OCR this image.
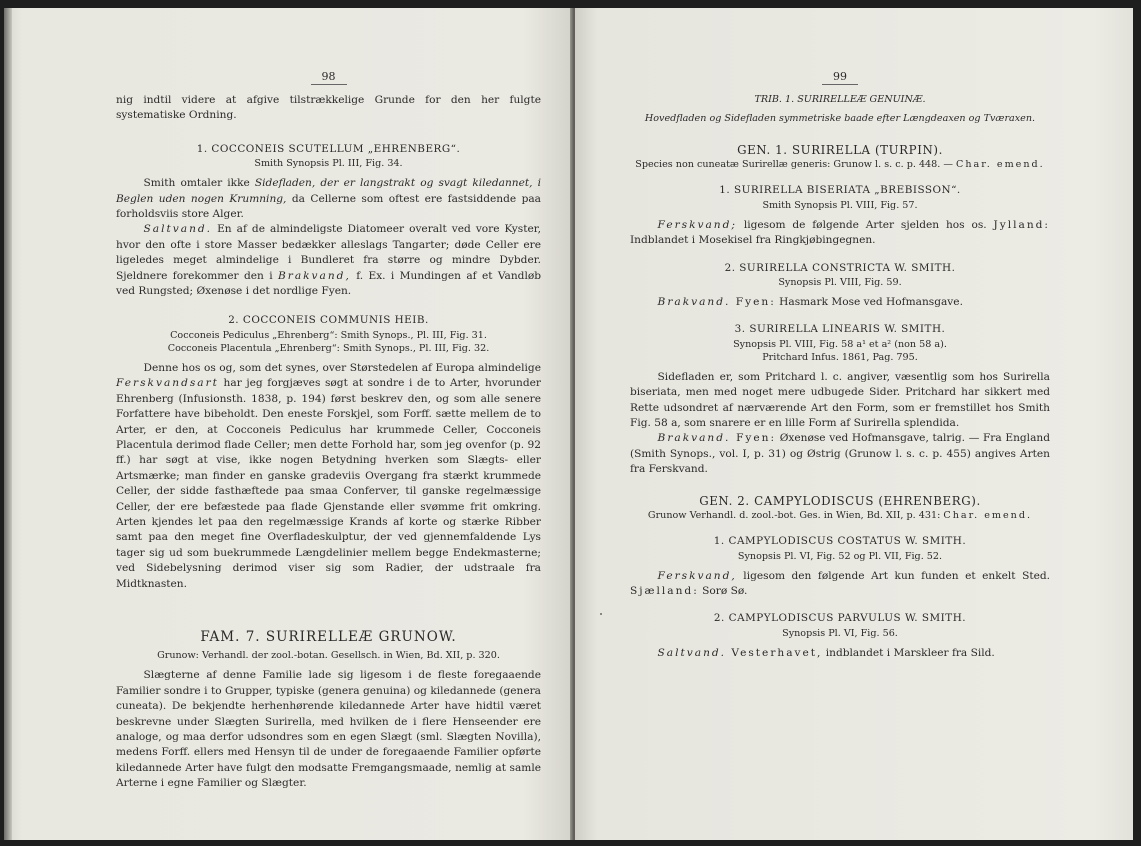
98

nig indtil videre at afgive tilstrækkelige Grunde for den her fulgte systematiske Ordning.

1. COCCONEIS SCUTELLUM „EHRENBERG“.
Smith Synopsis Pl. III, Fig. 34.

Smith omtaler ikke Sidefladen, der er langstrakt og svagt kiledannet, i Beglen uden nogen Krumning, da Cellerne som oftest ere fastsiddende paa forholdsviis store Alger.

Saltvand. En af de almindeligste Diatomeer overalt ved vore Kyster, hvor den ofte i store Masser bedækker alleslags Tangarter; døde Celler ere ligeledes meget almindelige i Bundleret fra større og mindre Dybder. Sjeldnere forekommer den i Brakvand, f. Ex. i Mundingen af et Vandløb ved Rungsted; Øxenøse i det nordlige Fyen.

2. COCCONEIS COMMUNIS HEIB.
Cocconeis Pediculus „Ehrenberg“: Smith Synops., Pl. III, Fig. 31.
Cocconeis Placentula „Ehrenberg“: Smith Synops., Pl. III, Fig. 32.

Denne hos os og, som det synes, over Størstedelen af Europa almindelige Ferskvandsart har jeg forgjæves søgt at sondre i de to Arter, hvorunder Ehrenberg (Infusionsth. 1838, p. 194) først beskrev den, og som alle senere Forfattere have bibeholdt. Den eneste Forskjel, som Forff. sætte mellem de to Arter, er den, at Cocconeis Pediculus har krummede Celler, Cocconeis Placentula derimod flade Celler; men dette Forhold har, som jeg ovenfor (p. 92 ff.) har søgt at vise, ikke nogen Betydning hverken som Slægts- eller Artsmærke; man finder en ganske gradeviis Overgang fra stærkt krummede Celler, der sidde fasthæftede paa smaa Conferver, til ganske regelmæssige Celler, der ere befæstede paa flade Gjenstande eller svømme frit omkring. Arten kjendes let paa den regelmæssige Krands af korte og stærke Ribber samt paa den meget fine Overfladeskulptur, der ved gjennemfaldende Lys tager sig ud som buekrummede Længdelinier mellem begge Endekmasterne; ved Sidebelysning derimod viser sig som Radier, der udstraale fra Midtknasten.

FAM. 7. SURIRELLEÆ GRUNOW.
Grunow: Verhandl. der zool.-botan. Gesellsch. in Wien, Bd. XII, p. 320.

Slægterne af denne Familie lade sig ligesom i de fleste foregaaende Familier sondre i to Grupper, typiske (genera genuina) og kiledannede (genera cuneata). De bekjendte herhenhørende kiledannede Arter have hidtil været beskrevne under Slægten Surirella, med hvilken de i flere Henseender ere analoge, og maa derfor udsondres som en egen Slægt (sml. Slægten Novilla), medens Forff. ellers med Hensyn til de under de foregaaende Familier opførte kiledannede Arter have fulgt den modsatte Fremgangsmaade, nemlig at samle Arterne i egne Familier og Slægter.

99
TRIB. 1. SURIRELLEÆ GENUINÆ.
Hovedfladen og Sidefladen symmetriske baade efter Længdeaxen og Tværaxen.
GEN. 1. SURIRELLA (TURPIN).
Species non cuneatæ Surirellæ generis: Grunow l. s. c. p. 448. — Char. emend.
1. SURIRELLA BISERIATA „BREBISSON“.
Smith Synopsis Pl. VIII, Fig. 57.

Ferskvand; ligesom de følgende Arter sjelden hos os. Jylland: Indblandet i Mosekisel fra Ringkjøbingegnen.

2. SURIRELLA CONSTRICTA W. SMITH.
Synopsis Pl. VIII, Fig. 59.

Brakvand. Fyen: Hasmark Mose ved Hofmansgave.

3. SURIRELLA LINEARIS W. SMITH.
Synopsis Pl. VIII, Fig. 58 a¹ et a² (non 58 a).
Pritchard Infus. 1861, Pag. 795.

Sidefladen er, som Pritchard l. c. angiver, væsentlig som hos Surirella biseriata, men med noget mere udbugede Sider. Pritchard har sikkert med Rette udsondret af nærværende Art den Form, som er fremstillet hos Smith Fig. 58 a, som snarere er en lille Form af Surirella splendida.

Brakvand. Fyen: Øxenøse ved Hofmansgave, talrig. — Fra England (Smith Synops., vol. I, p. 31) og Østrig (Grunow l. s. c. p. 455) angives Arten fra Ferskvand.

GEN. 2. CAMPYLODISCUS (EHRENBERG).
Grunow Verhandl. d. zool.-bot. Ges. in Wien, Bd. XII, p. 431: Char. emend.
1. CAMPYLODISCUS COSTATUS W. SMITH.
Synopsis Pl. VI, Fig. 52 og Pl. VII, Fig. 52.

Ferskvand, ligesom den følgende Art kun funden et enkelt Sted. Sjælland: Sorø Sø.

2. CAMPYLODISCUS PARVULUS W. SMITH.
Synopsis Pl. VI, Fig. 56.

Saltvand. Vesterhavet, indblandet i Marskleer fra Sild.
